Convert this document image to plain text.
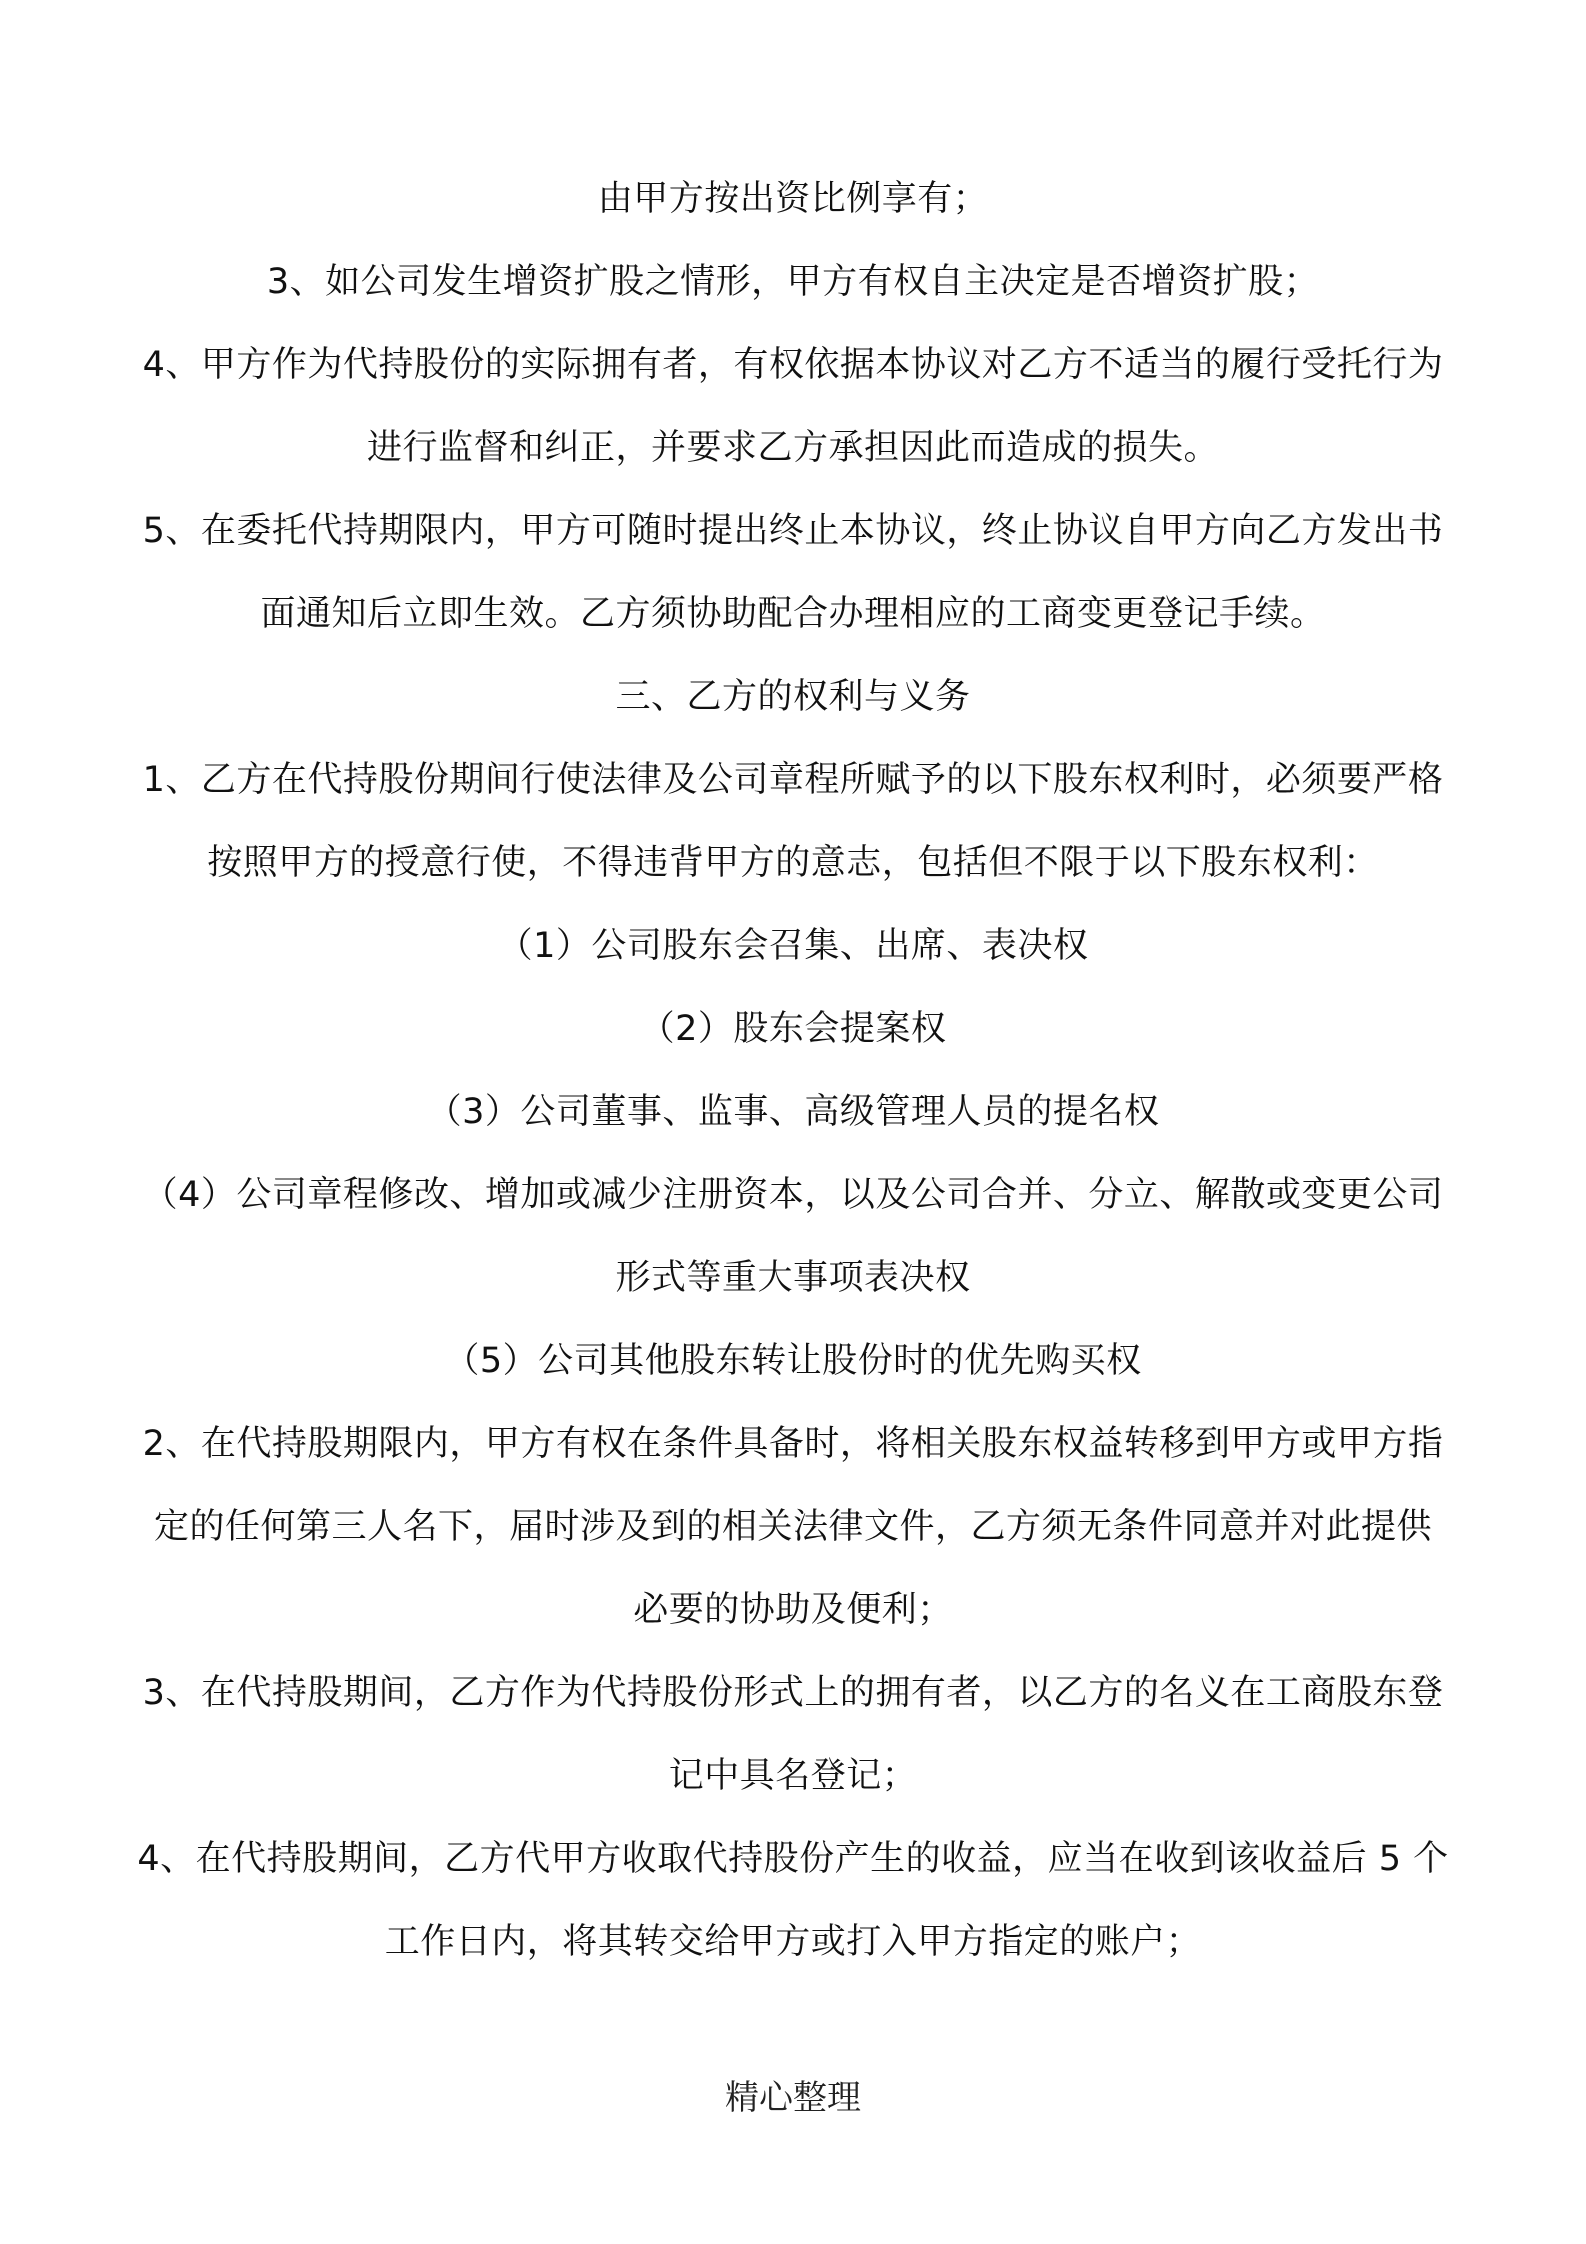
由甲方按出资比例享有；
3、如公司发生增资扩股之情形，甲方有权自主决定是否增资扩股；
4、甲方作为代持股份的实际拥有者，有权依据本协议对乙方不适当的履行受托行为
进行监督和纠正，并要求乙方承担因此而造成的损失。
5、在委托代持期限内，甲方可随时提出终止本协议，终止协议自甲方向乙方发出书
面通知后立即生效。乙方须协助配合办理相应的工商变更登记手续。
三、乙方的权利与义务
1、乙方在代持股份期间行使法律及公司章程所赋予的以下股东权利时，必须要严格
按照甲方的授意行使，不得违背甲方的意志，包括但不限于以下股东权利：
（1）公司股东会召集、出席、表决权
（2）股东会提案权
（3）公司董事、监事、高级管理人员的提名权
（4）公司章程修改、增加或减少注册资本，以及公司合并、分立、解散或变更公司
形式等重大事项表决权
（5）公司其他股东转让股份时的优先购买权
2、在代持股期限内，甲方有权在条件具备时，将相关股东权益转移到甲方或甲方指
定的任何第三人名下，届时涉及到的相关法律文件，乙方须无条件同意并对此提供
必要的协助及便利；
3、在代持股期间，乙方作为代持股份形式上的拥有者，以乙方的名义在工商股东登
记中具名登记；
4、在代持股期间，乙方代甲方收取代持股份产生的收益，应当在收到该收益后 5 个
工作日内，将其转交给甲方或打入甲方指定的账户；
精心整理
